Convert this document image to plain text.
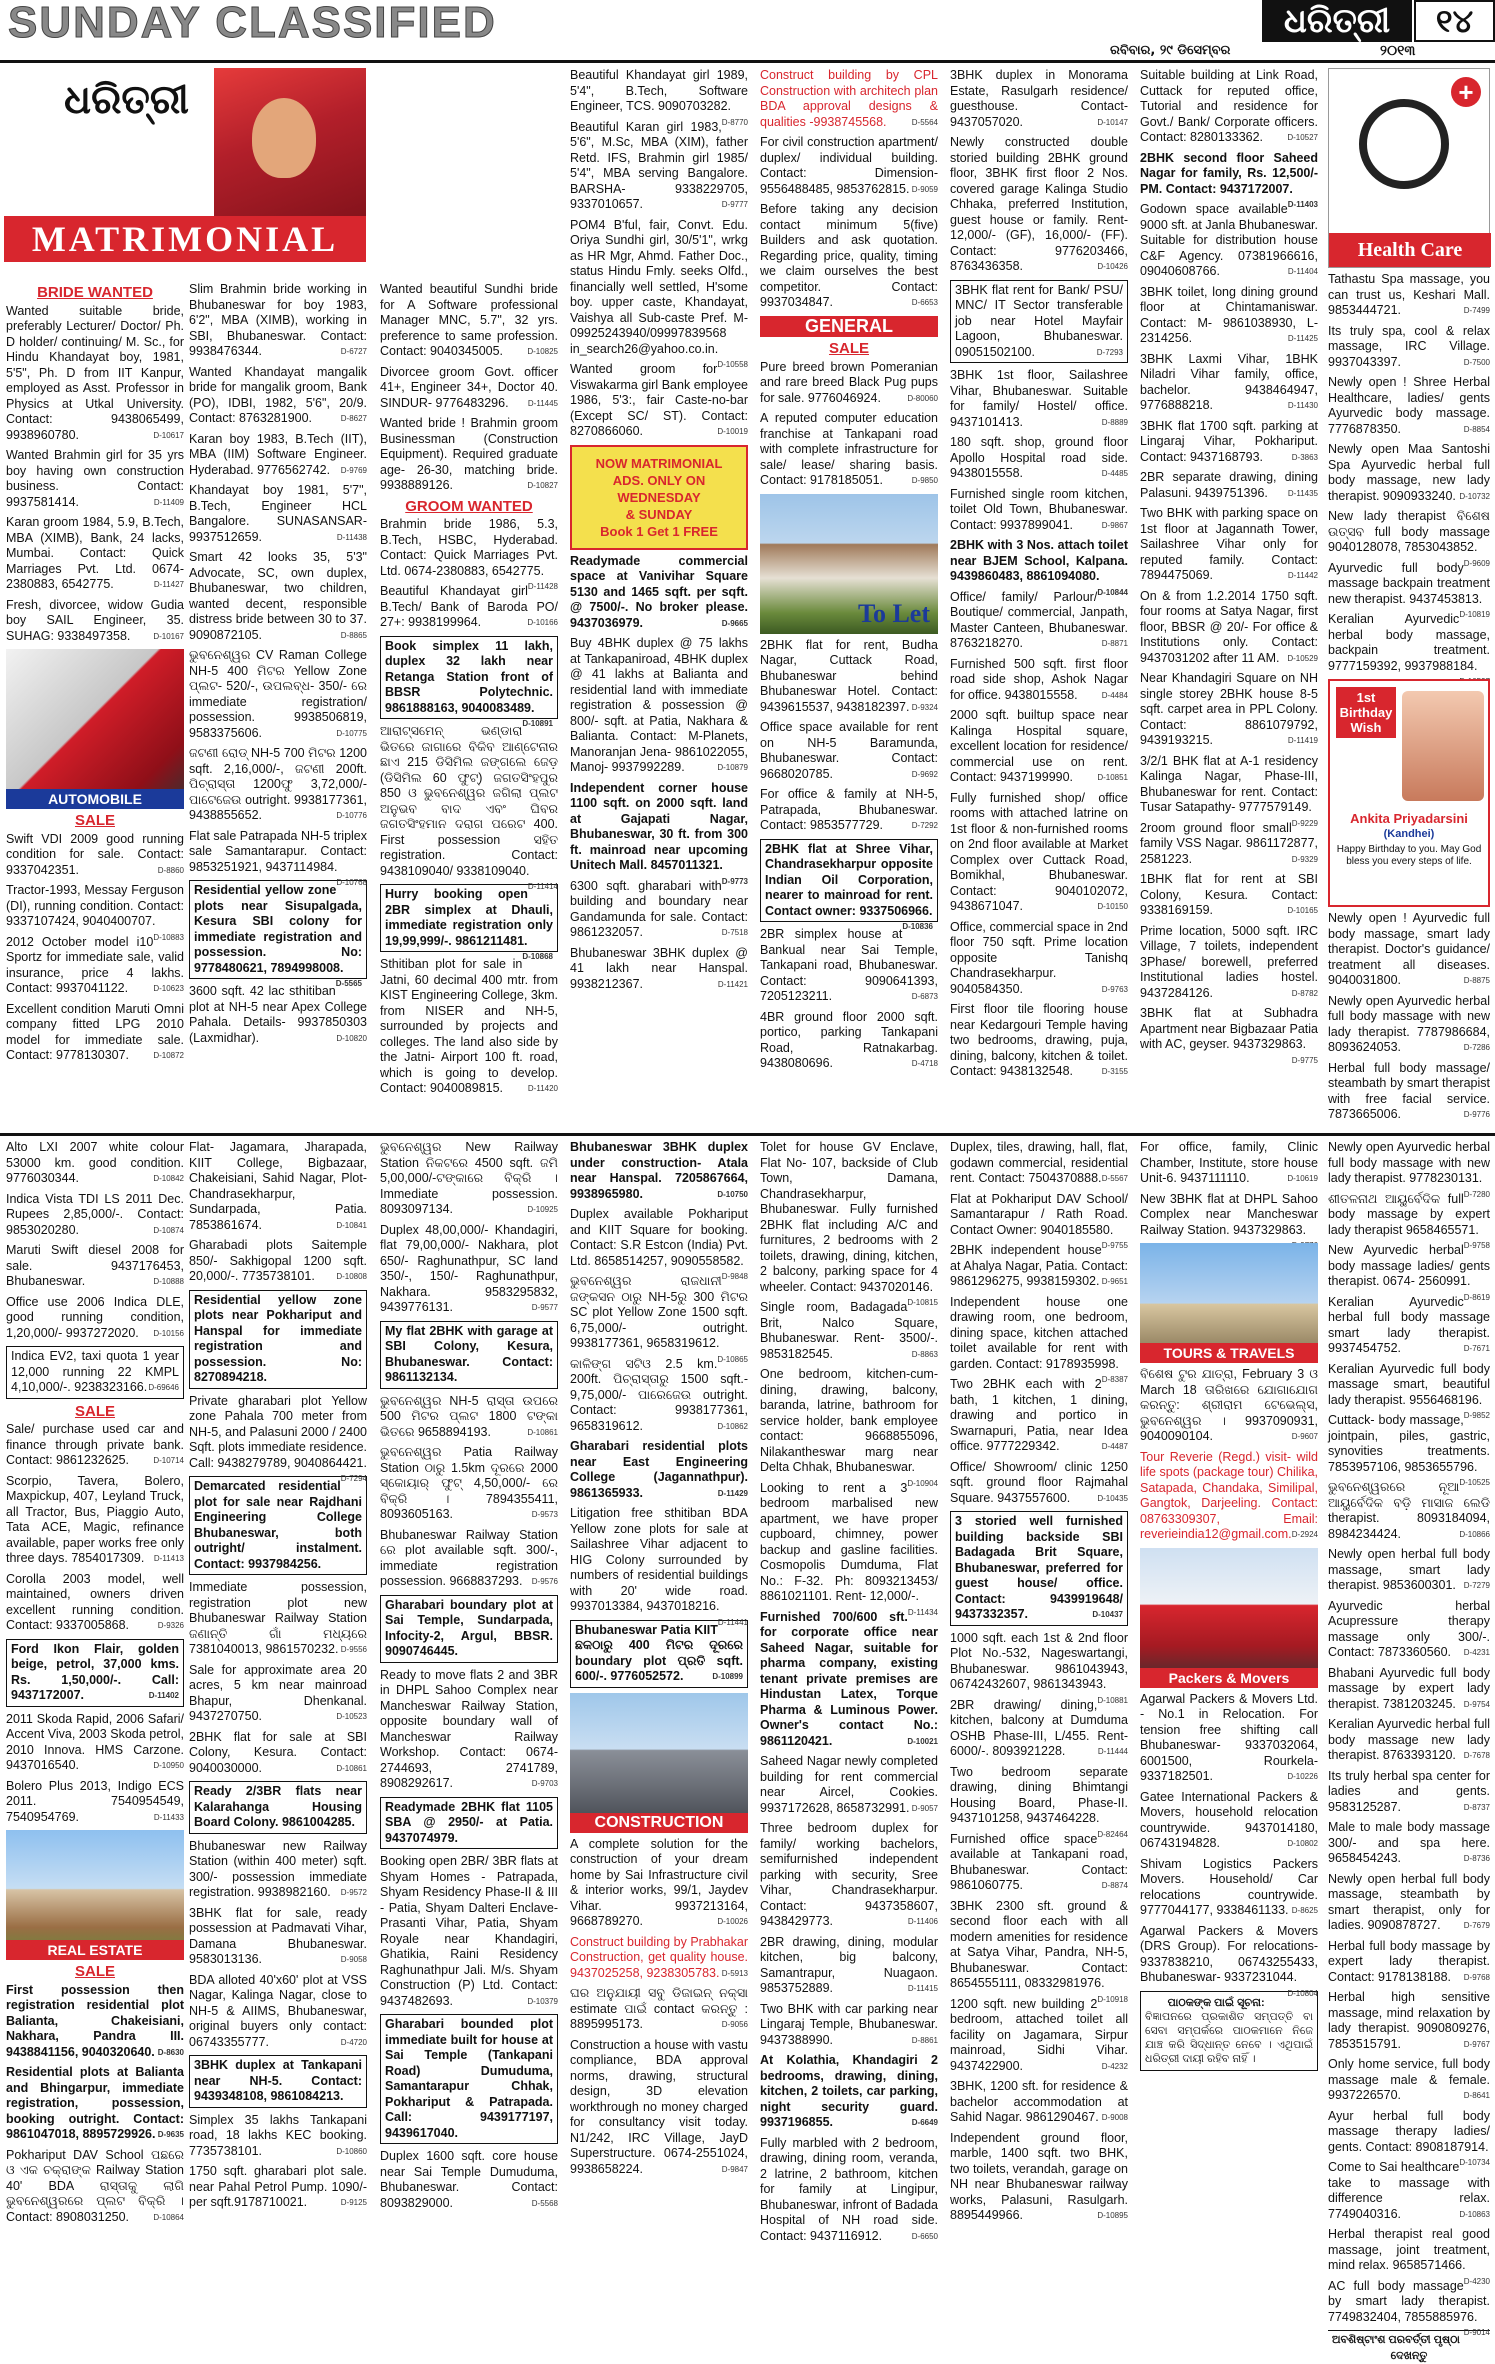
SUNDAY CLASSIFIED	ଧରିତ୍ରୀ	୧୪
ରବିବାର, ୨୯ ଡିସେମ୍ବର	୨୦୧୩
ଧରିତ୍ରୀ
MATRIMONIAL
BRIDE WANTED
Wanted suitable bride, preferably Lecturer/ Doctor/ Ph. D holder/ continuing/ M. Sc., for Hindu Khandayat boy, 1981, 5'5", Ph. D from IIT Kanpur, employed as Asst. Professor in Physics at Utkal University. Contact: 9438065499, 9938960780.	D-10617
Wanted Brahmin girl for 35 yrs boy having own construction business. Contact: 9937581414.	D-11409
Karan groom 1984, 5.9, B.Tech, MBA (XIMB), Bank, 24 lacks, Mumbai. Contact: Quick Marriages Pvt. Ltd. 0674-2380883, 6542775.	D-11427
Fresh, divorcee, widow Gudia boy SAIL Engineer, 35. SUHAG: 9338497358.	D-10167
AUTOMOBILE
SALE
Swift VDI 2009 good running condition for sale. Contact: 9337042351.	D-8860
Tractor-1993, Messay Ferguson (DI), running condition. Contact: 9337107424, 9040400707.
D-10883
2012 October model i10 Sportz for immediate sale, valid insurance, price 4 lakhs. Contact: 9937041122.	D-10623
Excellent condition Maruti Omni company fitted LPG 2010 model for immediate sale. Contact: 9778130307.	D-10872
Slim Brahmin bride working in Bhubaneswar for boy 1983, 6'2", MBA (XIMB), working in SBI, Bhubaneswar. Contact: 9938476344.	D-6727
Wanted Khandayat mangalik bride for mangalik groom, Bank (PO), IDBI, 1982, 5'6", 20/9. Contact: 8763281900.	D-8627
Karan boy 1983, B.Tech (IIT), MBA (IIM) Software Engineer. Hyderabad. 9776562742. D-9769
Khandayat boy 1981, 5'7", B.Tech, Engineer HCL Bangalore. SUNASANSAR-9937512659.	D-11438
Smart 42 looks 35, 5'3" Advocate, SC, own duplex, Bhubaneswar, two children, wanted decent, responsible distress bride between 30 to 37. 9090872105.	D-8865
ଭୁବନେଶ୍ୱର CV Raman College NH-5 400 ମିଟର Yellow Zone ପ୍ଲଟ- 520/-, ଉପଲବ୍ଧ- 350/- ରେ immediate registration/ possession. 9938506819, 9583375606.	D-10775
ଜଟଣୀ ରୋଡ୍ NH-5 700 ମିଟର 1200 sqft. 2,16,000/-, ଜଟଣୀ 200ft. ପିଚ୍‌ରାସ୍ତା 1200ଫୁ 3,72,000/- ପାଟେଜେଉ outright. 9938177361, 9438855652.	D-10776
Flat sale Patrapada NH-5 triplex sale Samantarapur. Contact: 9853251921, 9437114984.
D-10768
Residential yellow zone plots near Sisupalgada, Kesura SBI colony for immediate registration and possession. No: 9778480621, 7894998008.
D-5565
3600 sqft. 42 lac sthitiban plot at NH-5 near Apex College Pahala. Details- 9937850303 (Laxmidhar).	D-10820
Wanted beautiful Sundhi bride for A Software professional Manager MNC, 5.7", 32 yrs. preference to same profession. Contact: 9040345005.	D-10825
Divorcee groom Govt. officer 41+, Engineer 34+, Doctor 40. SINDUR- 9776483296. D-11445
Wanted bride ! Brahmin groom Businessman (Construction Equipment). Required graduate age- 26-30, matching bride. 9938889126.	D-10827
GROOM WANTED
Brahmin bride 1986, 5.3, B.Tech, HSBC, Hyderabad. Contact: Quick Marriages Pvt. Ltd. 0674-2380883, 6542775.
D-11428
Beautiful Khandayat girl B.Tech/ Bank of Baroda PO/ 27+: 9938199964.	D-10166
Book simplex 11 lakh, duplex 32 lakh near Retanga Station front of BBSR Polytechnic. 9861888163, 9040083489.
D-10891
ଆରାଟ୍‌ସମେନ୍ ଭଣ୍ଡାରା ଭିତରେ ଜାଗାରେ ବିକିବ ଆଣ୍ଟେନାର ଛାଏ 215 ଡିସିମିଲ ଜଙ୍ଗଲେ ଜେଡ଼ (ଡିସିମିଲ 60 ଫୁଟ୍) ଜଗତସିଂହପୁର 850 ଓ ଭୁବନେଶ୍ୱର ଜଗିଲା ପ୍ଲଟ ଅନୁଭବ ବାଦ ଏବଂ ଘିବର ଜଗତସିଂହମାନ ଦରାଗ ପରେଟ 400. First possession ସହିତ registration. Contact: 9438109040/ 9338109040.
D-11414
Hurry booking open 2BR simplex at Dhauli, immediate registration only 19,99,999/-. 9861211481.
D-10868
Sthitiban plot for sale in Jatni, 60 decimal 400 mtr. from KIST Engineering College, 3km. from NISER and NH-5, surrounded by projects and colleges. The land also side by the Jatni- Airport 100 ft. road, which is going to develop. Contact: 9040089815.	D-11420
Beautiful Khandayat girl 1989, 5'4", B.Tech, Software Engineer, TCS. 9090703282.
D-8770
Beautiful Karan girl 1983, 5'6", M.Sc, MBA (XIM), father Retd. IFS, Brahmin girl 1985/ 5'4", MBA serving Bangalore. BARSHA- 9338229705, 9337010657.	D-9777
POM4 B'ful, fair, Convt. Edu. Oriya Sundhi girl, 30/5'1", wrkg as HR Mgr, Ahmd. Father Doc., status Hindu Fmly. seeks Olfd., financially well settled, H'some boy. upper caste, Khandayat, Vaishya all Sub-caste Pref. M- 09925243940/09997839568 in_search26@yahoo.co.in.
D-10558
Wanted groom for Viswakarma girl Bank employee 1986, 5'3:, fair Caste-no-bar (Except SC/ ST). Contact: 8270866060.	D-10019
NOW MATRIMONIAL
ADS. ONLY ON
WEDNESDAY
& SUNDAY
Book 1 Get 1 FREE
Readymade commercial space at Vanivihar Square 5130 and 1465 sqft. per sqft. @ 7500/-. No broker please. 9437036979.	D-9665
Buy 4BHK duplex @ 75 lakhs at Tankapaniroad, 4BHK duplex @ 41 lakhs at Balianta and residential land with immediate registration & possession @ 800/- sqft. at Patia, Nakhara & Balianta. Contact: M-Planets, Manoranjan Jena- 9861022055, Manoj- 9937992289.	D-10879
Independent corner house 1100 sqft. on 2000 sqft. land at Gajapati Nagar, Bhubaneswar, 30 ft. from 300 ft. mainroad near upcoming Unitech Mall. 8457011321.
D-9773
6300 sqft. gharabari with building and boundary near Gandamunda for sale. Contact: 9861232057.	D-7518
Bhubaneswar 3BHK duplex @ 41 lakh near Hanspal. 9938212367.	D-11421
Construct building by CPL Construction with architech plan BDA approval designs & qualities -9938745568.	D-5564
For civil construction apartment/ duplex/ individual building. Contact: Dimension-9556488485, 9853762815. D-9059
Before taking any decision contact minimum 5(five) Builders and ask quotation. Regarding price, quality, timing we claim ourselves the best competitor. Contact: 9937034847.	D-6653
GENERAL
SALE
Pure breed brown Pomeranian and rare breed Black Pug pups for sale. 9776046924.	D-80060
A reputed computer education franchise at Tankapani road with complete infrastructure for sale/ lease/ sharing basis. Contact: 9178185051.	D-9850
To Let
2BHK flat for rent, Budha Nagar, Cuttack Road, Bhubaneswar behind Bhubaneswar Hotel. Contact: 9439615537, 9438182397. D-9324
Office space available for rent on NH-5 Baramunda, Bhubaneswar. Contact: 9668020785.	D-9692
For office & family at NH-5, Patrapada, Bhubaneswar. Contact: 9853577729.	D-7292
2BHK flat at Shree Vihar, Chandrasekharpur opposite Indian Oil Corporation, nearer to mainroad for rent. Contact owner: 9337506966.
D-10836
2BR simplex house at Bankual near Sai Temple, Tankapani road, Bhubaneswar. Contact: 9090641393, 7205123211.	D-6873
4BR ground floor 2000 sqft. portico, parking Tankapani Road, Ratnakarbag. 9438080696.	D-4718
3BHK duplex in Monorama Estate, Rasulgarh residence/ guesthouse. Contact- 9437057020.	D-10147
Newly constructed double storied building 2BHK ground floor, 3BHK first floor 2 Nos. covered garage Kalinga Studio Chhaka, preferred Institution, guest house or family. Rent- 12,000/- (GF), 16,000/- (FF). Contact: 9776203466, 8763436358.	D-10426
3BHK flat rent for Bank/ PSU/ MNC/ IT Sector transferable job near Hotel Mayfair Lagoon, Bhubaneswar. 09051502100.	D-7293
3BHK 1st floor, Sailashree Vihar, Bhubaneswar. Suitable for family/ Hostel/ office. 9437101413.	D-8889
180 sqft. shop, ground floor Apollo Hospital road side. 9438015558.	D-4485
Furnished single room kitchen, toilet Old Town, Bhubaneswar. Contact: 9937899041.	D-9867
2BHK with 3 Nos. attach toilet near BJEM School, Kalpana. 9439860483, 8861094080.
D-10844
Office/ family/ Parlour/ Boutique/ commercial, Janpath, Master Canteen, Bhubaneswar. 8763218270.	D-8871
Furnished 500 sqft. first floor road side shop, Ashok Nagar for office. 9438015558.	D-4484
2000 sqft. builtup space near Kalinga Hospital square, excellent location for residence/ commercial use on rent. Contact: 9437199990.	D-10851
Fully furnished shop/ office rooms with attached latrine on 1st floor & non-furnished rooms on 2nd floor available at Market Complex over Cuttack Road, Bomikhal, Bhubaneswar. Contact: 9040102072, 9438671047.	D-10150
Office, commercial space in 2nd floor 750 sqft. Prime location opposite Tanishq Chandrasekharpur. 9040584350.	D-9763
First floor tile flooring house near Kedargouri Temple having two bedrooms, drawing, puja, dining, balcony, kitchen & toilet. Contact: 9438132548.	D-3155
Suitable building at Link Road, Cuttack for reputed office, Tutorial and residence for Govt./ Bank/ Corporate officers. Contact: 8280133362.	D-10527
2BHK second floor Saheed Nagar for family, Rs. 12,500/- PM. Contact: 9437172007.
D-11403
Godown space available 9000 sft. at Janla Bhubaneswar. Suitable for distribution house C&F Agency. 07381966616, 09040608766.	D-11404
3BHK toilet, long dining ground floor at Chintamaniswar. Contact: M- 9861038930, L- 2314256.	D-11425
3BHK Laxmi Vihar, 1BHK Niladri Vihar family, office, bachelor. 9438464947, 9776888218.	D-11430
3BHK flat 1700 sqft. parking at Lingaraj Vihar, Pokhariput. Contact: 9437168793.	D-3863
2BR separate drawing, dining Palasuni. 9439751396.	D-11435
Two BHK with parking space on 1st floor at Jagannath Tower, Sailashree Vihar only for reputed family. Contact: 7894475069.	D-11442
On & from 1.2.2014 1750 sqft. four rooms at Satya Nagar, first floor, BBSR @ 20/- For office & Institutions only. Contact: 9437031202 after 11 AM. D-10529
Near Khandagiri Square on NH single storey 2BHK house 8-5 sqft. carpet area in PPL Colony. Contact: 8861079792, 9439193215.	D-11419
3/2/1 BHK flat at A-1 residency Kalinga Nagar, Phase-III, Bhubaneswar for rent. Contact: Tusar Satapathy- 9777579149.
D-9229
2room ground floor small family VSS Nagar. 9861172877, 2581223.	D-9329
1BHK flat for rent at SBI Colony, Kesura. Contact: 9338169159.	D-10165
Prime location, 5000 sqft. IRC Village, 7 toilets, independent 3Phase/ borewell, preferred Institutional ladies hostel. 9437284126.	D-8782
3BHK flat at Subhadra Apartment near Bigbazaar Patia with AC, geyser. 9437329863.
D-9775
+
Health Care
Tathastu Spa massage, you can trust us, Keshari Mall. 9853444721.	D-7499
Its truly spa, cool & relax massage, IRC Village. 9937043397.	D-7500
Newly open ! Shree Herbal Healthcare, ladies/ gents Ayurvedic body massage. 7776878350.	D-8854
Newly open Maa Santoshi Spa Ayurvedic herbal full body massage, new lady therapist. 9090933240. D-10732
New lady therapist ବିଶେଷ ଉତ୍ସବ full body massage 9040128078, 7853043852.
D-9609
Ayurvedic full body massage backpain treatment new therapist. 9437453813.
D-10819
Keralian Ayurvedic herbal body massage, backpain treatment. 9777159392, 9937988184.
1st
Birthday
Wish
Ankita Priyadarsini
(Kandhei)
Happy Birthday to you. May God bless you every steps of life.
Newly open ! Ayurvedic full body massage, smart lady therapist. Doctor's guidance/ treatment all diseases. 9040031800.	D-8875
Newly open Ayurvedic herbal full body massage with new lady therapist. 7787986684, 8093624053.	D-7286
Herbal full body massage/ steambath by smart therapist with free facial service. 7873665006.	D-9776
Alto LXI 2007 white colour 53000 km. good condition. 9776030344.	D-10842
Indica Vista TDI LS 2011 Dec. Rupees 2,85,000/-. Contact: 9853020280.	D-10874
Maruti Swift diesel 2008 for sale. 9437176453, Bhubaneswar.	D-10888
Office use 2006 Indica DLE, good running condition, 1,20,000/- 9937272020. D-10156
Indica EV2, taxi quota 1 year 12,000 running 22 KMPL 4,10,000/-. 9238323166. D-69646
SALE
Sale/ purchase used car and finance through private bank. Contact: 9861232625.	D-10714
Scorpio, Tavera, Bolero, Maxpickup, 407, Leyland Truck, all Tractor, Bus, Piaggio Auto, Tata ACE, Magic, refinance available, paper works free only three days. 7854017309. D-11413
Corolla 2003 model, well maintained, owners driven excellent running condition. Contact: 9337005868.	D-9326
Ford Ikon Flair, golden beige, petrol, 37,000 kms. Rs. 1,50,000/-. Call: 9437172007.	D-11402
2011 Skoda Rapid, 2006 Safari/ Accent Viva, 2003 Skoda petrol, 2010 Innova. HMS Carzone. 9437016540.	D-10950
Bolero Plus 2013, Indigo ECS 2011. 7540954549, 7540954769.	D-11433
REAL ESTATE
SALE
First possession then registration residential plot Balianta, Chakeisiani, Nakhara, Pandra III. 9438841156, 9040320640. D-8630
Residential plots at Balianta and Bhingarpur, immediate registration, possession, booking outright. Contact: 9861047018, 8895729926. D-9635
Pokhariput DAV School ପଛରେ ଓ ଏକ ଚକ୍ରାଙ୍କ Railway Station 40' BDA ରାସ୍ତାକୁ ଲାଗି ଭୁବନେଶ୍ୱରରେ ପ୍ଲଟ ବିକ୍ରି । Contact: 8908031250.	D-10864
Flat- Jagamara, Jharapada, KIIT College, Bigbazaar, Chakeisiani, Sahid Nagar, Plot- Chandrasekharpur, Sundarpada, Patia. 7853861674.	D-10841
Gharabadi plots Saitemple 850/- Sakhigopal 1200 sqft. 20,000/-. 7735738101.	D-10808
Residential yellow zone plots near Pokhariput and Hanspal for immediate registration and possession. No: 8270894218.
Private gharabari plot Yellow zone Pahala 700 meter from NH-5, and Palasuni 2000 / 2400 Sqft. plots immediate residence. Call: 9438279789, 9040864421.
D-7294
Demarcated residential plot for sale near Rajdhani Engineering College Bhubaneswar, both outright/ instalment. Contact: 9937984256.
Immediate possession, registration plot new Bhubaneswar Railway Station ଜଣାନ୍ତି ଗାଁ ମଧ୍ୟରେ 7381040013, 9861570232. D-9556
Sale for approximate area 20 acres, 5 km near mainroad Bhapur, Dhenkanal. 9437270750.	D-10523
2BHK flat for sale at SBI Colony, Kesura. Contact: 9040030000.	D-10861
Ready 2/3BR flats near Kalarahanga Housing Board Colony. 9861004285.
Bhubaneswar new Railway Station (within 400 meter) sqft. 300/- possession immediate registration. 9938982160. D-9572
3BHK flat for sale, ready possession at Padmavati Vihar, Damana Bhubaneswar. 9583013136.	D-9058
BDA alloted 40'x60' plot at VSS Nagar, Kalinga Nagar, close to NH-5 & AIIMS, Bhubaneswar, original buyers only contact: 06743355777.	D-4720
3BHK duplex at Tankapani near NH-5. Contact: 9439348108, 9861084213.
Simplex 35 lakhs Tankapani road, 18 lakhs KEC booking. 7735738101.	D-10860
1750 sqft. gharabari plot sale. near Pahal Petrol Pump. 1090/- per sqft.9178710021.	D-9125
ଭୁବନେଶ୍ୱର New Railway Station ନିକଟରେ 4500 sqft. ଜମି 5,00,000/-ଟଙ୍କାରେ ବିକ୍ରି । Immediate possession. 8093097134.	D-10925
Duplex 48,00,000/- Khandagiri, flat 79,00,000/- Nakhara, plot 650/- Raghunathpur, SC land 350/-, 150/- Raghunathpur, Nakhara. 9583295832, 9439776131.	D-9577
My flat 2BHK with garage at SBI Colony, Kesura, Bhubaneswar. Contact: 9861132134.
ଭୁବନେଶ୍ୱର NH-5 ରାସ୍ତା ଉପରେ 500 ମିଟର ପ୍ଲଟ 1800 ଟଙ୍କା ଭିତରେ 9658894193.	D-10861
ଭୁବନେଶ୍ୱର Patia Railway Station ଠାରୁ 1.5km ଦୂରରେ 2000 ସ୍କୋୟାର୍ ଫୁଟ୍ 4,50,000/- ରେ ବିକ୍ରି । 7894355411, 8093605163.	D-9573
Bhubaneswar Railway Station ରେ plot available sqft. 300/-, immediate registration possession. 9668837293. D-9576
Gharabari boundary plot at Sai Temple, Sundarpada, Infocity-2, Argul, BBSR. 9090746445.
Ready to move flats 2 and 3BR in DHPL Sahoo Complex near Mancheswar Railway Station, opposite boundary wall of Mancheswar Railway Workshop. Contact: 0674-2744693, 2741789, 8908292617.	D-9703
Readymade 2BHK flat 1105 SBA @ 2950/- at Patia. 9437074979.
Booking open 2BR/ 3BR flats at Shyam Homes - Patrapada, Shyam Residency Phase-II & III - Patia, Shyam Dalteri Enclave- Prasanti Vihar, Patia, Shyam Royale near Khandagiri, Ghatikia, Raini Residency Raghunathpur Jali. M/s. Shyam Construction (P) Ltd. Contact: 9437482693.	D-10379
Gharabari bounded plot immediate built for house at Sai Temple (Tankapani Road) Dumuduma, Samantarapur Chhak, Pokhariput & Patrapada. Call: 9439177197, 9439617040.
Duplex 1600 sqft. core house near Sai Temple Dumuduma, Bhubaneswar. Contact: 8093829000.	D-5568
Bhubaneswar 3BHK duplex under construction- Atala near Hanspal. 7205867664, 9938965980.	D-10750
Duplex available Pokhariput and KIIT Square for booking. Contact: S.R Estcon (India) Pvt. Ltd. 8658514257, 9090558582.
D-9848
ଭୁବନେଶ୍ୱର ରାଜଧାନୀ ଜଙ୍କସନ ଠାରୁ NH-5ରୁ 300 ମିଟର SC plot Yellow Zone 1500 sqft. 6,75,000/- outright. 9938177361, 9658319612.
D-10865
କାଳିଙ୍ଗ ସଟିଓ 2.5 km. 200ft. ପିଚ୍‌ରାସ୍ତାରୁ 1500 sqft.- 9,75,000/- ପାରେଜେଉ outright. Contact: 9938177361, 9658319612.	D-10862
Gharabari residential plots near East Engineering College (Jagannathpur). 9861365933.	D-11429
Litigation free sthitiban BDA Yellow zone plots for sale at Sailashree Vihar adjacent to HIG Colony surrounded by numbers of residential buildings with 20' wide road. 9937013384, 9437018216.
D-11441
Bhubaneswar Patia KIIT ଛକଠାରୁ 400 ମିଟର ଦୂରରେ boundary plot ପ୍ରତି sqft. 600/-. 9776052572.	D-10899
CONSTRUCTION
A complete solution for the construction of your dream home by Sai Infrastructure civil & interior works, 99/1, Jaydev Vihar. 9937213164, 9668789270.	D-10026
Construct building by Prabhakar Construction, get quality house. 9437025258, 9238305783. D-5913
ଘର ଅନୁଯାୟୀ ସବୁ ଡିଜାଇନ୍ ନକ୍ସା estimate ପାଇଁ contact କରନ୍ତୁ : 8895995173.	D-9056
Construction a house with vastu compliance, BDA approval norms, drawing, structural design, 3D elevation workthrough no money charged for consultancy visit today. N1/242, IRC Village, JayD Superstructure. 0674-2551024, 9938658224.	D-9847
Tolet for house GV Enclave, Flat No- 107, backside of Club Town, Damana, Chandrasekharpur, Bhubaneswar. Fully furnished 2BHK flat including A/C and furnitures, 2 bedrooms with 2 toilets, drawing, dining, kitchen, 2 balcony, parking space for 4 wheeler. Contact: 9437020146.
D-10815
Single room, Badagada Brit, Nalco Square, Bhubaneswar. Rent- 3500/-. 9853182545.	D-8863
One bedroom, kitchen-cum-dining, drawing, balcony, baranda, latrine, bathroom for service holder, bank employee contact: 9668855096, Nilakantheswar marg near Delta Chhak, Bhubaneswar.
D-10904
Looking to rent a 3 bedroom marbalised new apartment, we have proper cupboard, chimney, power backup and gasline facilities. Cosmopolis Dumduma, Flat No.: F-32. Ph: 8093213453/ 8861021101. Rent- 12,000/-.
D-11434
Furnished 700/600 sft. for corporate office near Saheed Nagar, suitable for pharma company, existing tenant private premises are Hindustan Latex, Torque Pharma & Luminous Power. Owner's contact No.: 9861120421.	D-10021
Saheed Nagar newly completed building for rent commercial near Aircel, Cookies. 9937172628, 8658732991. D-9057
Three bedroom duplex for family/ working bachelors, semifurnished independent parking with security, Sree Vihar, Chandrasekharpur. Contact: 9437358607, 9438429773.	D-11406
2BR drawing, dining, modular kitchen, big balcony, Samantrapur, Nuagaon. 9853752889.	D-11415
Two BHK with car parking near Lingaraj Temple, Bhubaneswar. 9437388990.	D-8861
At Kolathia, Khandagiri 2 bedrooms, drawing, dining, kitchen, 2 toilets, car parking, night security guard. 9937196855.	D-6649
Fully marbled with 2 bedroom, drawing, dining room, veranda, 2 latrine, 2 bathroom, kitchen for family at Lingipur, Bhubaneswar, infront of Badada Hospital of NH road side. Contact: 9437116912.	D-6650
Duplex, tiles, drawing, hall, flat, godawn commercial, residential rent. Contact: 7504370888. D-5567
Flat at Pokhariput DAV School/ Samantarapur / Rath Road. Contact Owner: 9040185580.
D-9755
2BHK independent house at Ahalya Nagar, Patia. Contact: 9861296275, 9938159302. D-9651
Independent house one drawing room, one bedroom, dining space, kitchen attached toilet available for rent with garden. Contact: 9178935998.
D-8387
Two 2BHK each with 2 bath, 1 kitchen, 1 dining, drawing and portico in Swarnapuri, Patia, near Idea office. 9777229342.	D-4487
Office/ Showroom/ clinic 1250 sqft. ground floor Rajmahal Square. 9437557600.	D-10435
3 storied well furnished building backside SBI Badagada Brit Square, Bhubaneswar, preferred for guest house/ office. Contact: 9439919648/ 9437332357.	D-10437
1000 sqft. each 1st & 2nd floor Plot No.-532, Nageswartangi, Bhubaneswar. 9861043943, 06742432607, 9861343943.
D-10881
2BR drawing/ dining, kitchen, balcony at Dumduma OSHB Phase-III, L/455. Rent- 6000/-. 8093921228.	D-11444
Two bedroom separate drawing, dining Bhimtangi Housing Board, Phase-II. 9437101258, 9437464228.
D-82464
Furnished office space available at Tankapani road, Bhubaneswar. Contact: 9861060775.	D-8874
3BHK 2300 sft. ground & second floor each with all modern amenities for residence at Satya Vihar, Pandra, NH-5, Bhubaneswar. Contact: 8654555111, 08332981976.
D-10918
1200 sqft. new building 2 bedroom, attached toilet all facility on Jagamara, Sirpur mainroad, Sidhi Vihar. 9437422900.	D-4232
3BHK, 1200 sft. for residence & bachelor accommodation at Sahid Nagar. 9861290467. D-9008
Independent ground floor, marble, 1400 sqft. two BHK, two toilets, verandah, garage on NH near Bhubaneswar railway works, Palasuni, Rasulgarh. 8895449966.	D-10895
For office, family, Clinic Chamber, Institute, store house Unit-6. 9437111110.	D-10619
New 3BHK flat at DHPL Sahoo Complex near Mancheswar Railway Station. 9437329863.
TOURS & TRAVELS
ବିଶେଷ ଟୁର ଯାତ୍ରା, February 3 ଓ March 18 ତାରିଖରେ ଯୋଗାଯୋଗ କରନ୍ତୁ: ଶ୍ରୀରାମ ଟେଭେଲ୍ସ, ଭୁବନେଶ୍ୱର । 9937090931, 9040090104.	D-9607
Tour Reverie (Regd.) visit- wild life spots (package tour) Chilika, Satapada, Chandaka, Similipal, Gangtok, Darjeeling. Contact: 08763309307, Email: reverieindia12@gmail.com. D-2924
Packers & Movers
Agarwal Packers & Movers Ltd. - No.1 in Relocation. For tension free shifting call Bhubaneswar- 9337032064, 6001500, Rourkela- 9337182501.	D-10226
Gatee International Packers & Movers, household relocation countrywide. 9437014180, 06743194828.	D-10802
Shivam Logistics Packers Movers. Household/ Car relocations countrywide. 9777044177, 9338461133. D-8625
Agarwal Packers & Movers (DRS Group). For relocations- 9337838210, 06743255433, Bhubaneswar- 9337231044.
D-10804
ପାଠକଙ୍କ ପାଇଁ ସୂଚନା:
ବିଜ୍ଞାପନରେ ପ୍ରକାଶିତ ସମ୍ପତ୍ତି ବା ସେବା ସମ୍ପର୍କରେ ପାଠକମାନେ ନିଜେ ଯାଞ୍ଚ କରି ସିଦ୍ଧାନ୍ତ ନେବେ । ଏଥିପାଇଁ ଧରିତ୍ରୀ ଦାୟୀ ରହିବ ନାହିଁ ।
Newly open Ayurvedic herbal full body massage with new lady therapist. 9778230131.
D-7280
ଶୀତଳନାଥ ଆୟୁର୍ବେଦିକ full body massage by expert lady therapist 9658465571.
D-9758
New Ayurvedic herbal body massage ladies/ gents therapist. 0674- 2560991.
D-8619
Keralian Ayurvedic herbal full body massage smart lady therapist. 9937454752.	D-7671
Keralian Ayurvedic full body massage smart, beautiful lady therapist. 9556468196.
D-9852
Cuttack- body massage, jointpain, piles, gastric, synovities treatments. 7853957106, 9853655796.
D-10525
ଭୁବନେଶ୍ୱରରେ ନୂଆ ଆୟୁର୍ବେଦିକ ବଡ଼ି ମାସାଜ ଲେଡି therapist. 8093184094, 8984234424.	D-10866
Newly open herbal full body massage, smart lady therapist. 9853600301. D-7279
Ayurvedic herbal Acupressure therapy massage only 300/-. Contact: 7873360560. D-4231
Bhabani Ayurvedic full body massage by expert lady therapist. 7381203245. D-9754
Keralian Ayurvedic herbal full body massage new lady therapist. 8763393120. D-7678
Its truly herbal spa center for ladies and gents. 9583125287.	D-8737
Male to male body massage 300/- and spa here. 9658454243.	D-8736
Newly open herbal full body massage, steambath by smart therapist, only for ladies. 9090878727.	D-7679
Herbal full body massage by expert lady therapist. Contact: 9178138188. D-9768
Herbal high sensitive massage, mind relaxation by lady therapist. 9090809276, 7853515791.	D-9767
Only home service, full body massage male & female. 9937226570.	D-8641
Ayur herbal full body massage therapy ladies/ gents. Contact: 8908187914.
D-10734
Come to Sai healthcare take to massage with difference relax. 7749040316.	D-10863
Herbal therapist real good massage, joint treatment, mind relax. 9658571466.
D-4230
AC full body massage by smart lady therapist. 7749832404, 7855885976.
D-9014
ଅବଶିଷ୍ଟାଂଶ ପରବର୍ତ୍ତୀ ପୃଷ୍ଠା ଦେଖନ୍ତୁ
